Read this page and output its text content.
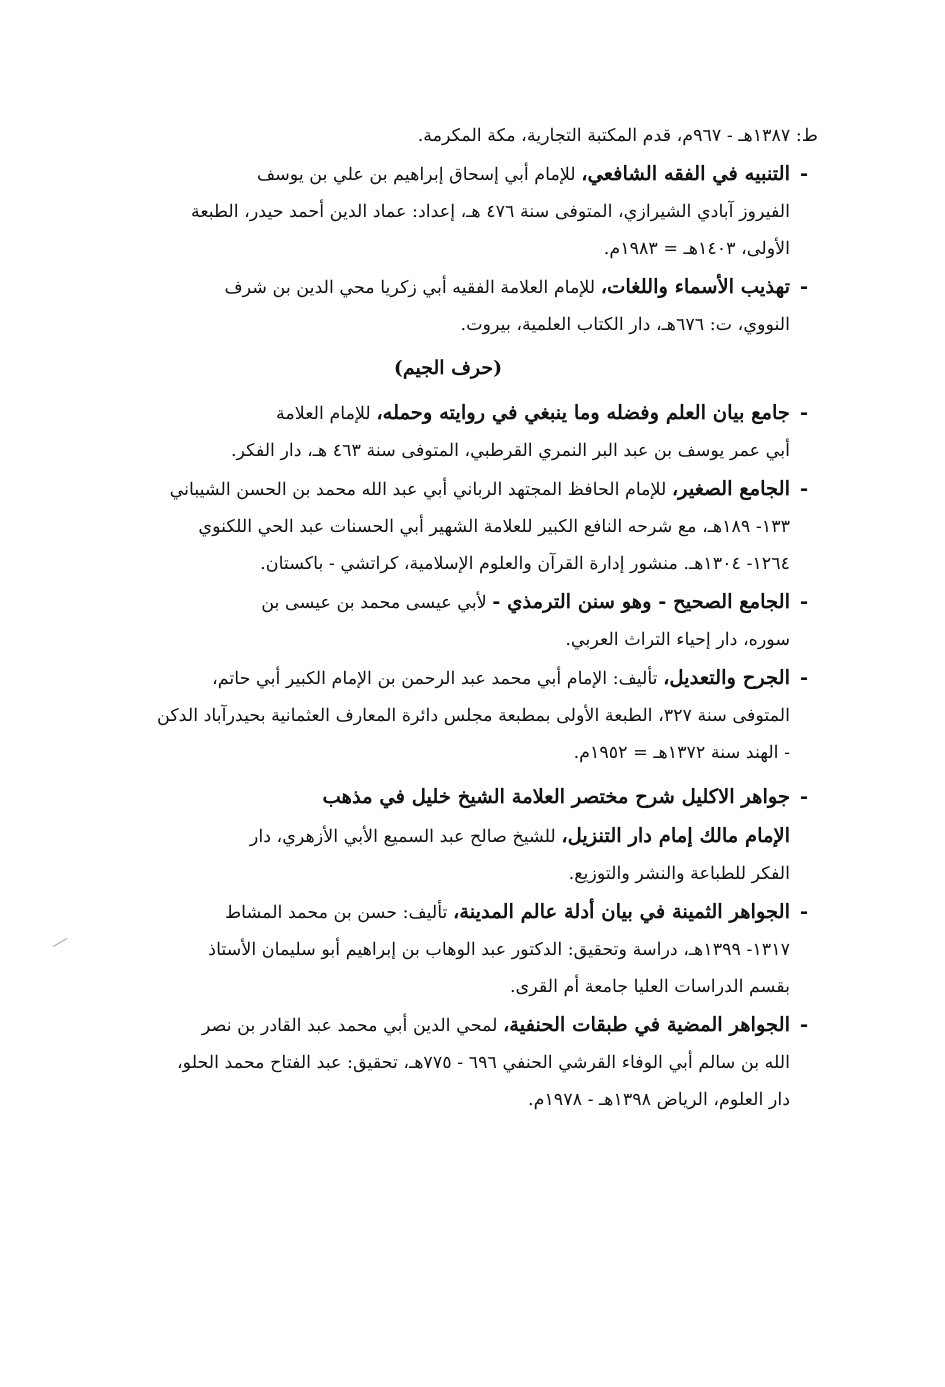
ط: ١٣٨٧هـ - ٩٦٧م، قدم المكتبة التجارية، مكة المكرمة.
-
التنبيه في الفقه الشافعي، للإمام أبي إسحاق إبراهيم بن علي بن يوسف
الفيروز آبادي الشيرازي، المتوفى سنة ٤٧٦ هـ، إعداد: عماد الدين أحمد حيدر، الطبعة
الأولى، ١٤٠٣هـ = ١٩٨٣م.
-
تهذيب الأسماء واللغات، للإمام العلامة الفقيه أبي زكريا محي الدين بن شرف
النووي، ت: ٦٧٦هـ، دار الكتاب العلمية، بيروت.
(حرف الجيم)
-
جامع بيان العلم وفضله وما ينبغي في روايته وحمله، للإمام العلامة
أبي عمر يوسف بن عبد البر النمري القرطبي، المتوفى سنة ٤٦٣ هـ، دار الفكر.
-
الجامع الصغير، للإمام الحافظ المجتهد الرباني أبي عبد الله محمد بن الحسن الشيباني
١٣٣- ١٨٩هـ، مع شرحه النافع الكبير للعلامة الشهير أبي الحسنات عبد الحي اللكنوي
١٢٦٤- ١٣٠٤هـ. منشور إدارة القرآن والعلوم الإسلامية، كراتشي - باكستان.
-
الجامع الصحيح - وهو سنن الترمذي - لأبي عيسى محمد بن عيسى بن
سوره، دار إحياء التراث العربي.
-
الجرح والتعديل، تأليف: الإمام أبي محمد عبد الرحمن بن الإمام الكبير أبي حاتم،
المتوفى سنة ٣٢٧، الطبعة الأولى بمطبعة مجلس دائرة المعارف العثمانية بحيدرآباد الدكن
- الهند سنة ١٣٧٢هـ = ١٩٥٢م.
-
جواهر الاكليل شرح مختصر العلامة الشيخ خليل في مذهب
الإمام مالك إمام دار التنزيل، للشيخ صالح عبد السميع الأبي الأزهري، دار
الفكر للطباعة والنشر والتوزيع.
-
الجواهر الثمينة في بيان أدلة عالم المدينة، تأليف: حسن بن محمد المشاط
١٣١٧- ١٣٩٩هـ، دراسة وتحقيق: الدكتور عبد الوهاب بن إبراهيم أبو سليمان الأستاذ
بقسم الدراسات العليا جامعة أم القرى.
-
الجواهر المضية في طبقات الحنفية، لمحي الدين أبي محمد عبد القادر بن نصر
الله بن سالم أبي الوفاء القرشي الحنفي ٦٩٦ - ٧٧٥هـ، تحقيق: عبد الفتاح محمد الحلو،
دار العلوم، الرياض ١٣٩٨هـ - ١٩٧٨م.
